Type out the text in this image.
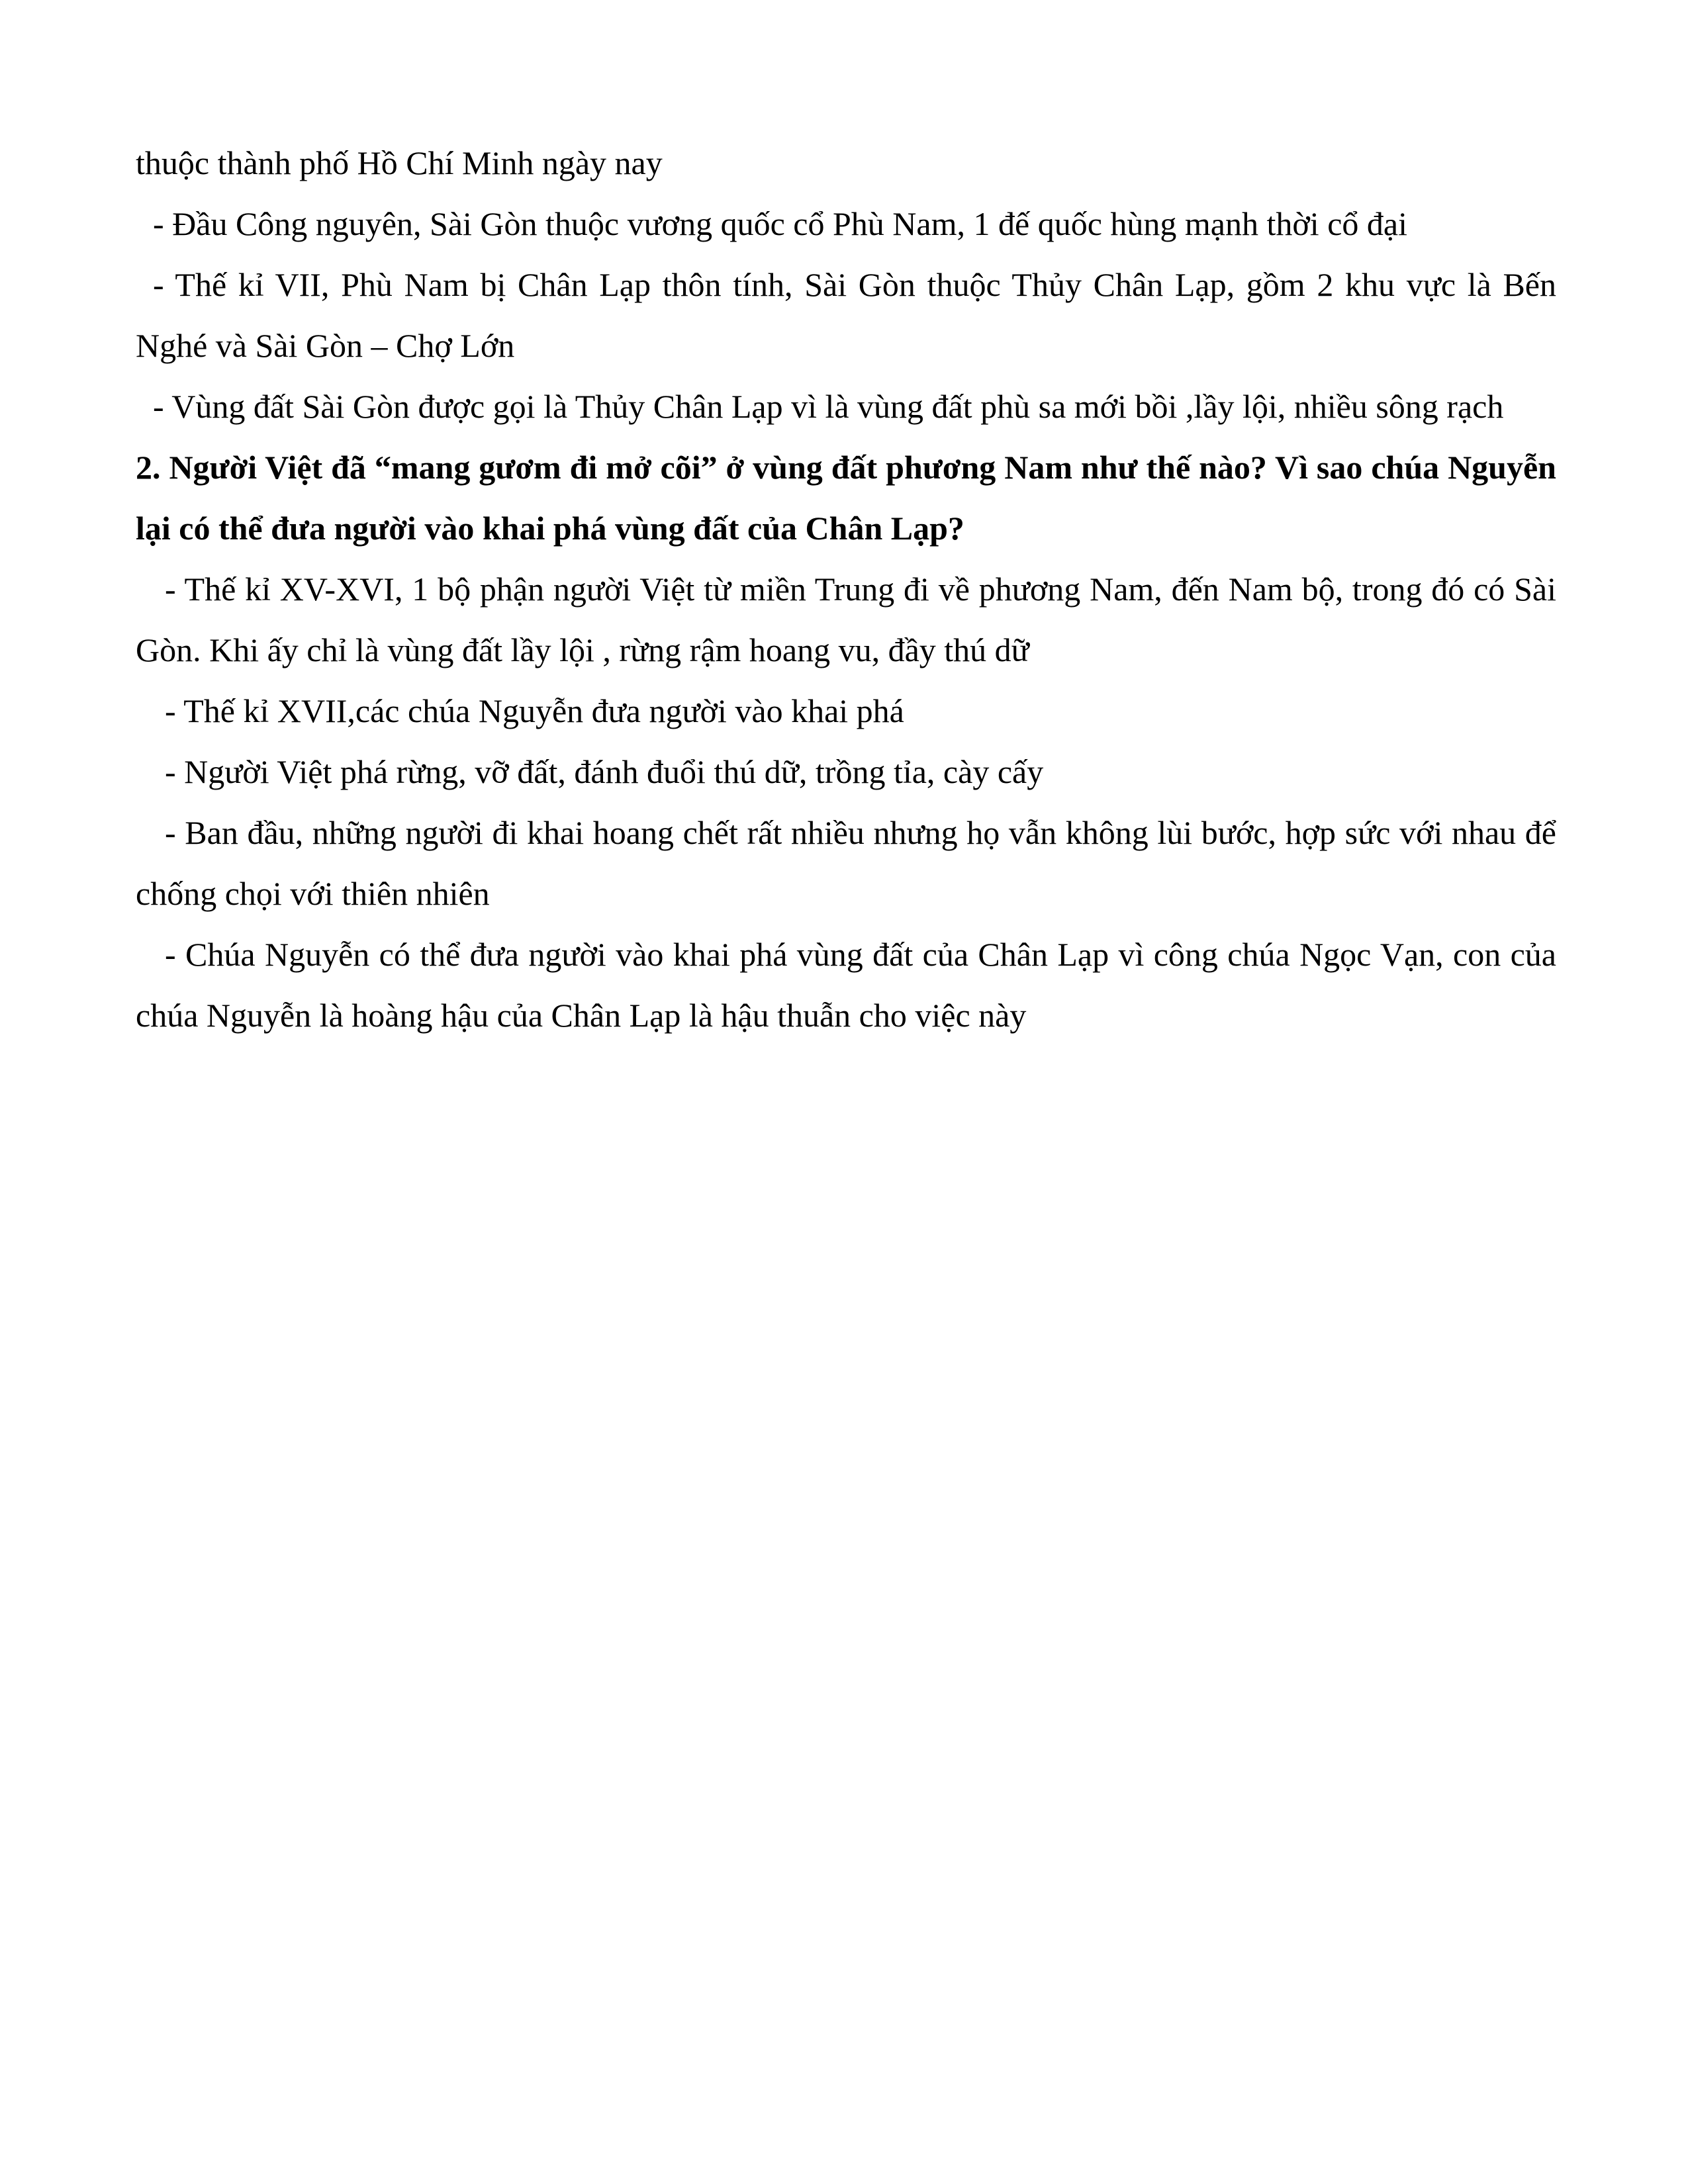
thuộc thành phố Hồ Chí Minh ngày nay

- Đầu Công nguyên, Sài Gòn thuộc vương quốc cổ Phù Nam, 1 đế quốc hùng mạnh thời cổ đại

- Thế kỉ VII, Phù Nam bị Chân Lạp thôn tính, Sài Gòn thuộc Thủy Chân Lạp, gồm 2 khu vực là Bến Nghé và Sài Gòn – Chợ Lớn

- Vùng đất Sài Gòn được gọi là Thủy Chân Lạp vì là vùng đất phù sa mới bồi ,lầy lội, nhiều sông rạch

2. Người Việt đã “mang gươm đi mở cõi” ở vùng đất phương Nam như thế nào? Vì sao chúa Nguyễn lại có thể đưa người vào khai phá vùng đất của Chân Lạp?

- Thế kỉ XV-XVI, 1 bộ phận người Việt từ miền Trung đi về phương Nam, đến Nam bộ, trong đó có Sài Gòn. Khi ấy chỉ là vùng đất lầy lội , rừng rậm hoang vu, đầy thú dữ

- Thế kỉ XVII,các chúa Nguyễn đưa người vào khai phá

- Người Việt phá rừng, vỡ đất, đánh đuổi thú dữ, trồng tỉa, cày cấy

- Ban đầu, những người đi khai hoang chết rất nhiều nhưng họ vẫn không lùi bước, hợp sức với nhau để chống chọi với thiên nhiên

- Chúa Nguyễn có thể đưa người vào khai phá vùng đất của Chân Lạp vì công chúa Ngọc Vạn, con của chúa Nguyễn là hoàng hậu của Chân Lạp là hậu thuẫn cho việc này
